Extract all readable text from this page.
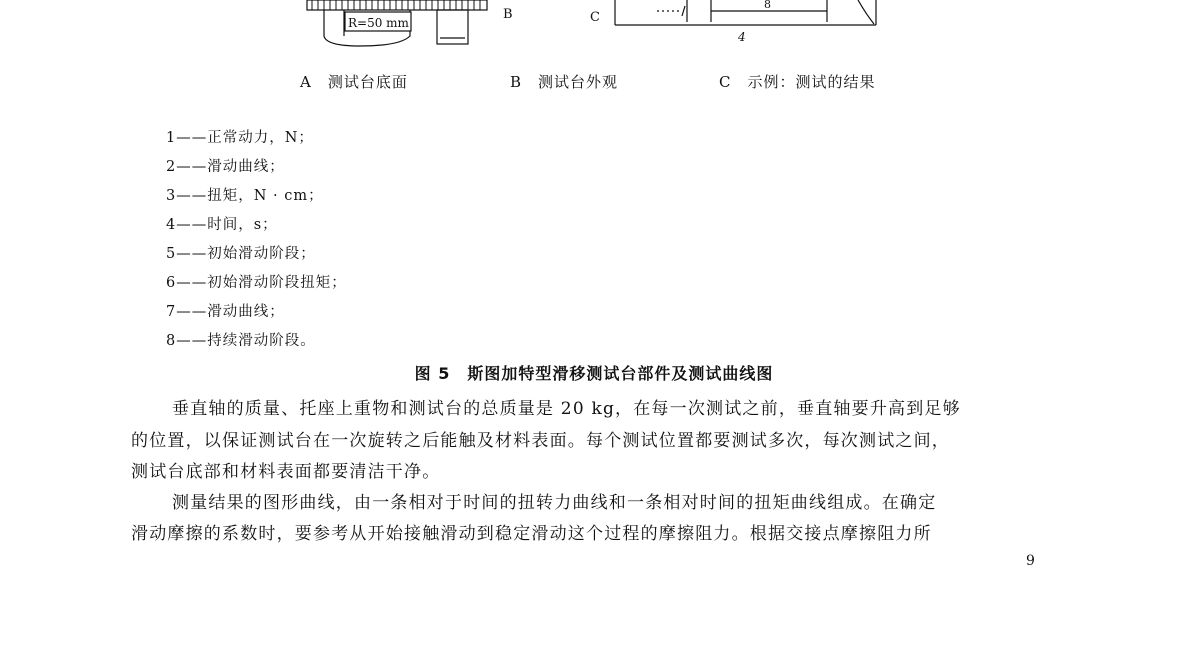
R=50 mm
B	C
8
4
A　测试台底面	B　测试台外观	C　示例：测试的结果
1——正常动力，N；
2——滑动曲线；
3——扭矩，N · cm；
4——时间，s；
5——初始滑动阶段；
6——初始滑动阶段扭矩；
7——滑动曲线；
8——持续滑动阶段。
图 5　斯图加特型滑移测试台部件及测试曲线图
垂直轴的质量、托座上重物和测试台的总质量是 20 kg，在每一次测试之前，垂直轴要升高到足够
的位置，以保证测试台在一次旋转之后能触及材料表面。每个测试位置都要测试多次，每次测试之间，
测试台底部和材料表面都要清洁干净。
测量结果的图形曲线，由一条相对于时间的扭转力曲线和一条相对时间的扭矩曲线组成。在确定
滑动摩擦的系数时，要参考从开始接触滑动到稳定滑动这个过程的摩擦阻力。根据交接点摩擦阻力所
9
